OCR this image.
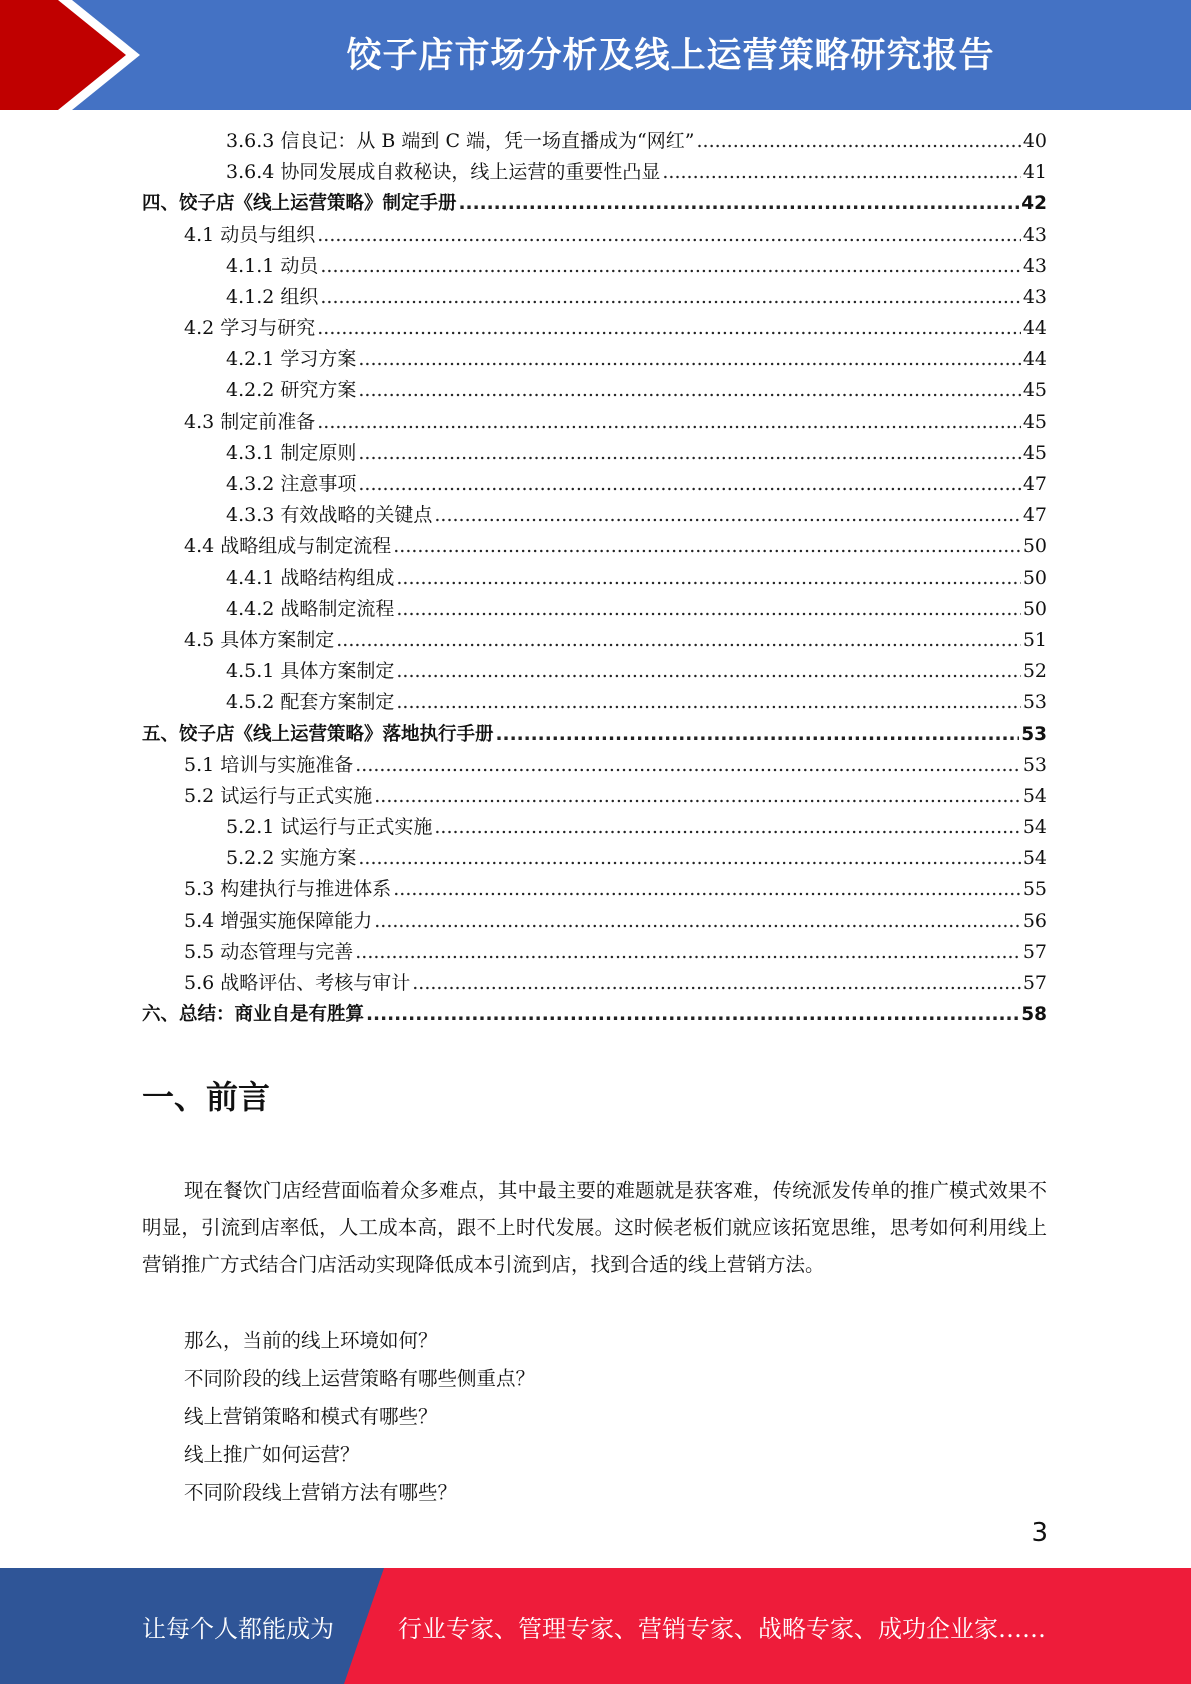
饺子店市场分析及线上运营策略研究报告
3.6.3 信良记：从 B 端到 C 端，凭一场直播成为“网红” .....	40
3.6.4 协同发展成自救秘诀，线上运营的重要性凸显 .....	41
四、饺子店《线上运营策略》制定手册 .....	42
4.1 动员与组织 .....	43
4.1.1 动员 .....	43
4.1.2 组织 .....	43
4.2 学习与研究 .....	44
4.2.1 学习方案 .....	44
4.2.2 研究方案 .....	45
4.3 制定前准备 .....	45
4.3.1 制定原则 .....	45
4.3.2 注意事项 .....	47
4.3.3 有效战略的关键点 .....	47
4.4 战略组成与制定流程 .....	50
4.4.1 战略结构组成 .....	50
4.4.2 战略制定流程 .....	50
4.5 具体方案制定 .....	51
4.5.1 具体方案制定 .....	52
4.5.2 配套方案制定 .....	53
五、饺子店《线上运营策略》落地执行手册 .....	53
5.1 培训与实施准备 .....	53
5.2 试运行与正式实施 .....	54
5.2.1 试运行与正式实施 .....	54
5.2.2 实施方案 .....	54
5.3 构建执行与推进体系 .....	55
5.4 增强实施保障能力 .....	56
5.5 动态管理与完善 .....	57
5.6 战略评估、考核与审计 .....	57
六、总结：商业自是有胜算 .....	58
一、前言

现在餐饮门店经营面临着众多难点，其中最主要的难题就是获客难，传统派发传单的推广模式效果不明显，引流到店率低，人工成本高，跟不上时代发展。这时候老板们就应该拓宽思维，思考如何利用线上营销推广方式结合门店活动实现降低成本引流到店，找到合适的线上营销方法。

那么，当前的线上环境如何？
不同阶段的线上运营策略有哪些侧重点？
线上营销策略和模式有哪些？
线上推广如何运营？
不同阶段线上营销方法有哪些？
3
让每个人都能成为	行业专家、管理专家、营销专家、战略专家、成功企业家……
